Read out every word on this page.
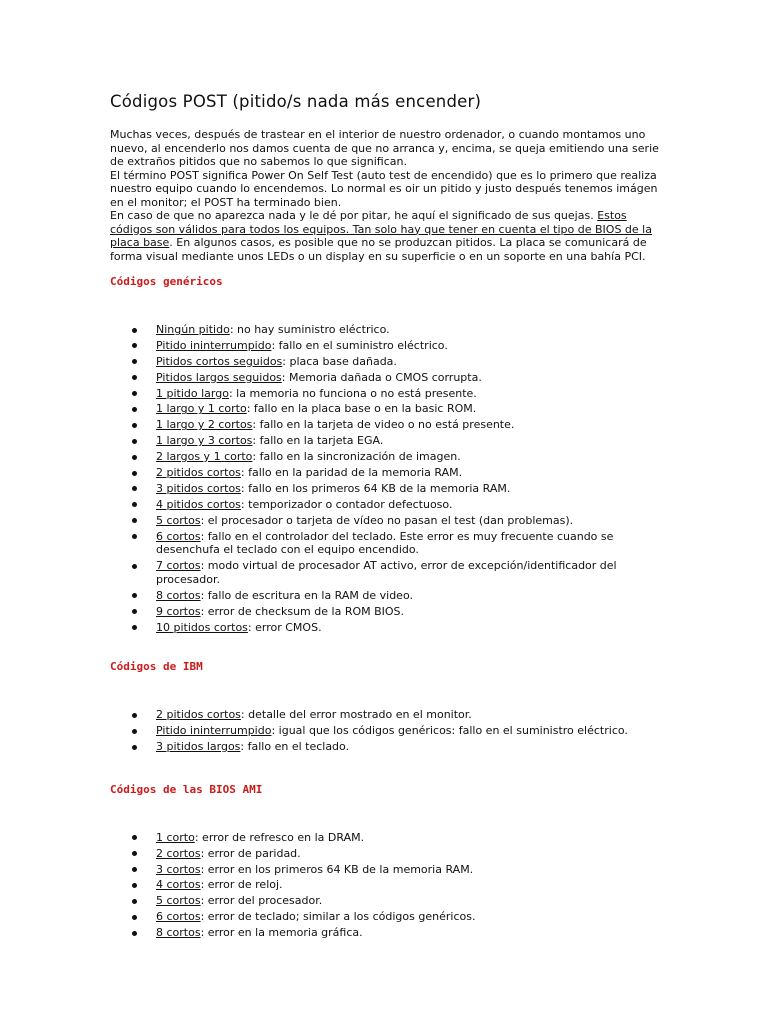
Códigos POST (pitido/s nada más encender)

Muchas veces, después de trastear en el interior de nuestro ordenador, o cuando montamos uno nuevo, al encenderlo nos damos cuenta de que no arranca y, encima, se queja emitiendo una serie de extraños pitidos que no sabemos lo que significan.

El término POST significa Power On Self Test (auto test de encendido) que es lo primero que realiza nuestro equipo cuando lo encendemos. Lo normal es oir un pitido y justo después tenemos imágen en el monitor; el POST ha terminado bien.

En caso de que no aparezca nada y le dé por pitar, he aquí el significado de sus quejas. Estos códigos son válidos para todos los equipos. Tan solo hay que tener en cuenta el tipo de BIOS de la placa base. En algunos casos, es posible que no se produzcan pitidos. La placa se comunicará de forma visual mediante unos LEDs o un display en su superficie o en un soporte en una bahía PCI.

Códigos genéricos
Ningún pitido: no hay suministro eléctrico.
Pitido ininterrumpido: fallo en el suministro eléctrico.
Pitidos cortos seguidos: placa base dañada.
Pitidos largos seguidos: Memoria dañada o CMOS corrupta.
1 pitido largo: la memoria no funciona o no está presente.
1 largo y 1 corto: fallo en la placa base o en la basic ROM.
1 largo y 2 cortos: fallo en la tarjeta de video o no está presente.
1 largo y 3 cortos: fallo en la tarjeta EGA.
2 largos y 1 corto: fallo en la sincronización de imagen.
2 pitidos cortos: fallo en la paridad de la memoria RAM.
3 pitidos cortos: fallo en los primeros 64 KB de la memoria RAM.
4 pitidos cortos: temporizador o contador defectuoso.
5 cortos: el procesador o tarjeta de vídeo no pasan el test (dan problemas).
6 cortos: fallo en el controlador del teclado. Este error es muy frecuente cuando se desenchufa el teclado con el equipo encendido.
7 cortos: modo virtual de procesador AT activo, error de excepción/identificador del procesador.
8 cortos: fallo de escritura en la RAM de video.
9 cortos: error de checksum de la ROM BIOS.
10 pitidos cortos: error CMOS.
Códigos de IBM
2 pitidos cortos: detalle del error mostrado en el monitor.
Pitido ininterrumpido: igual que los códigos genéricos: fallo en el suministro eléctrico.
3 pitidos largos: fallo en el teclado.
Códigos de las BIOS AMI
1 corto: error de refresco en la DRAM.
2 cortos: error de paridad.
3 cortos: error en los primeros 64 KB de la memoria RAM.
4 cortos: error de reloj.
5 cortos: error del procesador.
6 cortos: error de teclado; similar a los códigos genéricos.
8 cortos: error en la memoria gráfica.
